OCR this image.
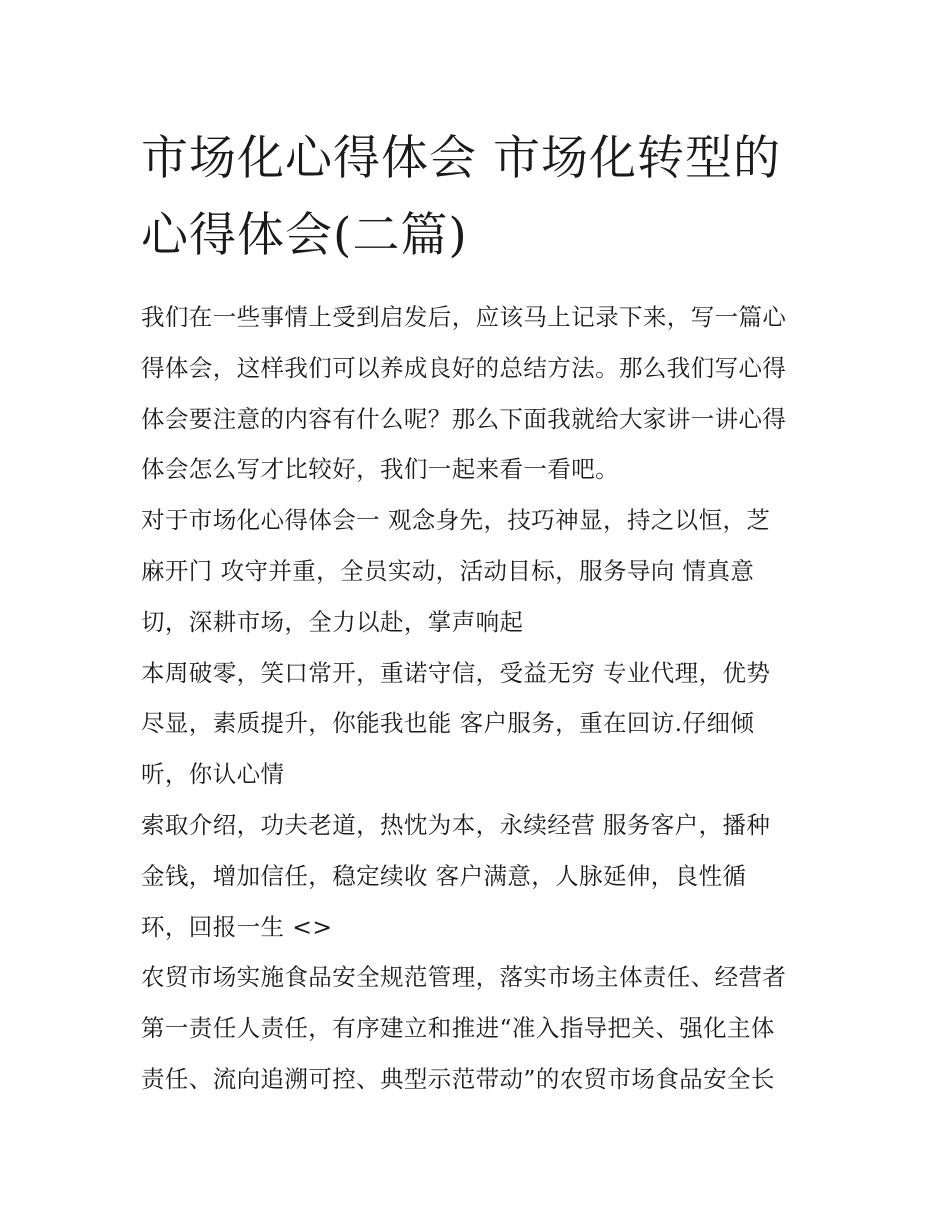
市场化心得体会 市场化转型的
心得体会(二篇)

我们在一些事情上受到启发后，应该马上记录下来，写一篇心
得体会，这样我们可以养成良好的总结方法。那么我们写心得
体会要注意的内容有什么呢？那么下面我就给大家讲一讲心得
体会怎么写才比较好，我们一起来看一看吧。

对于市场化心得体会一 观念身先，技巧神显，持之以恒，芝
麻开门 攻守并重，全员实动，活动目标，服务导向 情真意
切，深耕市场，全力以赴，掌声响起

本周破零，笑口常开，重诺守信，受益无穷 专业代理，优势
尽显，素质提升，你能我也能 客户服务，重在回访.仔细倾
听，你认心情

索取介绍，功夫老道，热忱为本，永续经营 服务客户，播种
金钱，增加信任，稳定续收 客户满意，人脉延伸，良性循
环，回报一生 <>

农贸市场实施食品安全规范管理，落实市场主体责任、经营者
第一责任人责任，有序建立和推进“准入指导把关、强化主体
责任、流向追溯可控、典型示范带动”的农贸市场食品安全长
